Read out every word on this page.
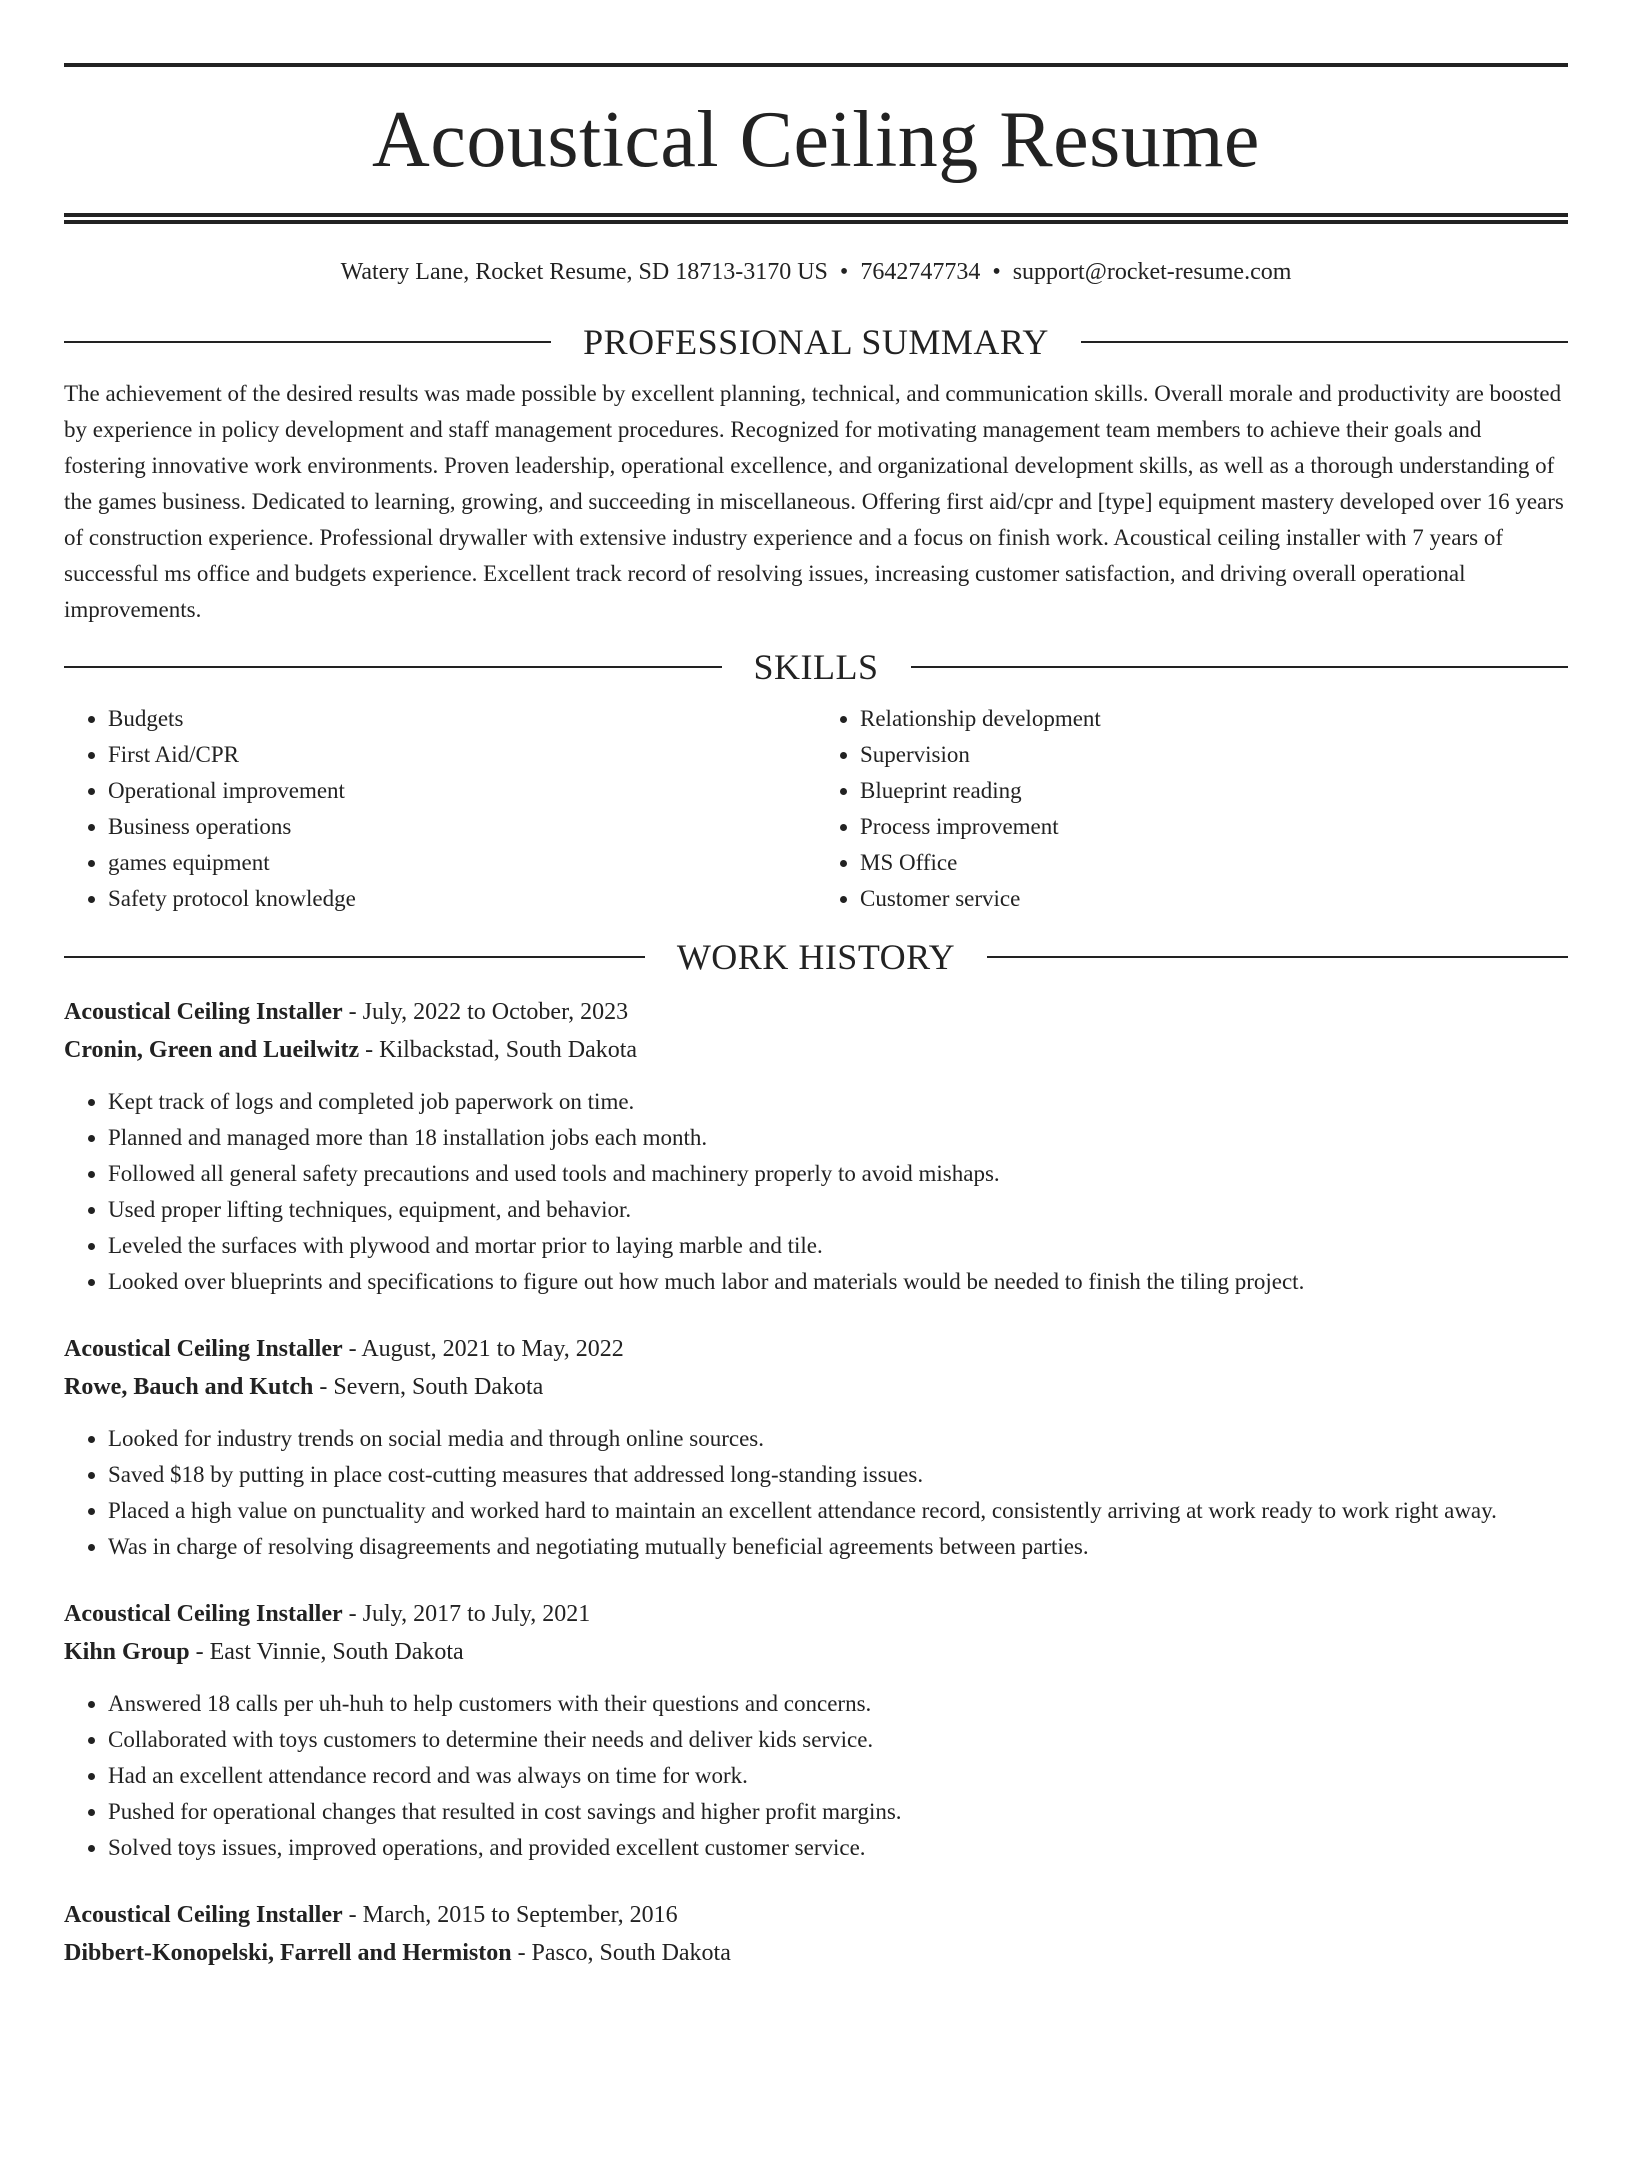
Acoustical Ceiling Resume
Watery Lane, Rocket Resume, SD 18713-3170 US • 7642747734 • support@rocket-resume.com
PROFESSIONAL SUMMARY

The achievement of the desired results was made possible by excellent planning, technical, and communication skills. Overall morale and productivity are boosted by experience in policy development and staff management procedures. Recognized for motivating management team members to achieve their goals and fostering innovative work environments. Proven leadership, operational excellence, and organizational development skills, as well as a thorough understanding of the games business. Dedicated to learning, growing, and succeeding in miscellaneous. Offering first aid/cpr and [type] equipment mastery developed over 16 years of construction experience. Professional drywaller with extensive industry experience and a focus on finish work. Acoustical ceiling installer with 7 years of successful ms office and budgets experience. Excellent track record of resolving issues, increasing customer satisfaction, and driving overall operational improvements.

SKILLS
• Budgets
• First Aid/CPR
• Operational improvement
• Business operations
• games equipment
• Safety protocol knowledge
• Relationship development
• Supervision
• Blueprint reading
• Process improvement
• MS Office
• Customer service
WORK HISTORY
Acoustical Ceiling Installer - July, 2022 to October, 2023
Cronin, Green and Lueilwitz - Kilbackstad, South Dakota
• Kept track of logs and completed job paperwork on time.
• Planned and managed more than 18 installation jobs each month.
• Followed all general safety precautions and used tools and machinery properly to avoid mishaps.
• Used proper lifting techniques, equipment, and behavior.
• Leveled the surfaces with plywood and mortar prior to laying marble and tile.
• Looked over blueprints and specifications to figure out how much labor and materials would be needed to finish the tiling project.
Acoustical Ceiling Installer - August, 2021 to May, 2022
Rowe, Bauch and Kutch - Severn, South Dakota
• Looked for industry trends on social media and through online sources.
• Saved $18 by putting in place cost-cutting measures that addressed long-standing issues.
• Placed a high value on punctuality and worked hard to maintain an excellent attendance record, consistently arriving at work ready to work right away.
• Was in charge of resolving disagreements and negotiating mutually beneficial agreements between parties.
Acoustical Ceiling Installer - July, 2017 to July, 2021
Kihn Group - East Vinnie, South Dakota
• Answered 18 calls per uh-huh to help customers with their questions and concerns.
• Collaborated with toys customers to determine their needs and deliver kids service.
• Had an excellent attendance record and was always on time for work.
• Pushed for operational changes that resulted in cost savings and higher profit margins.
• Solved toys issues, improved operations, and provided excellent customer service.
Acoustical Ceiling Installer - March, 2015 to September, 2016
Dibbert-Konopelski, Farrell and Hermiston - Pasco, South Dakota
